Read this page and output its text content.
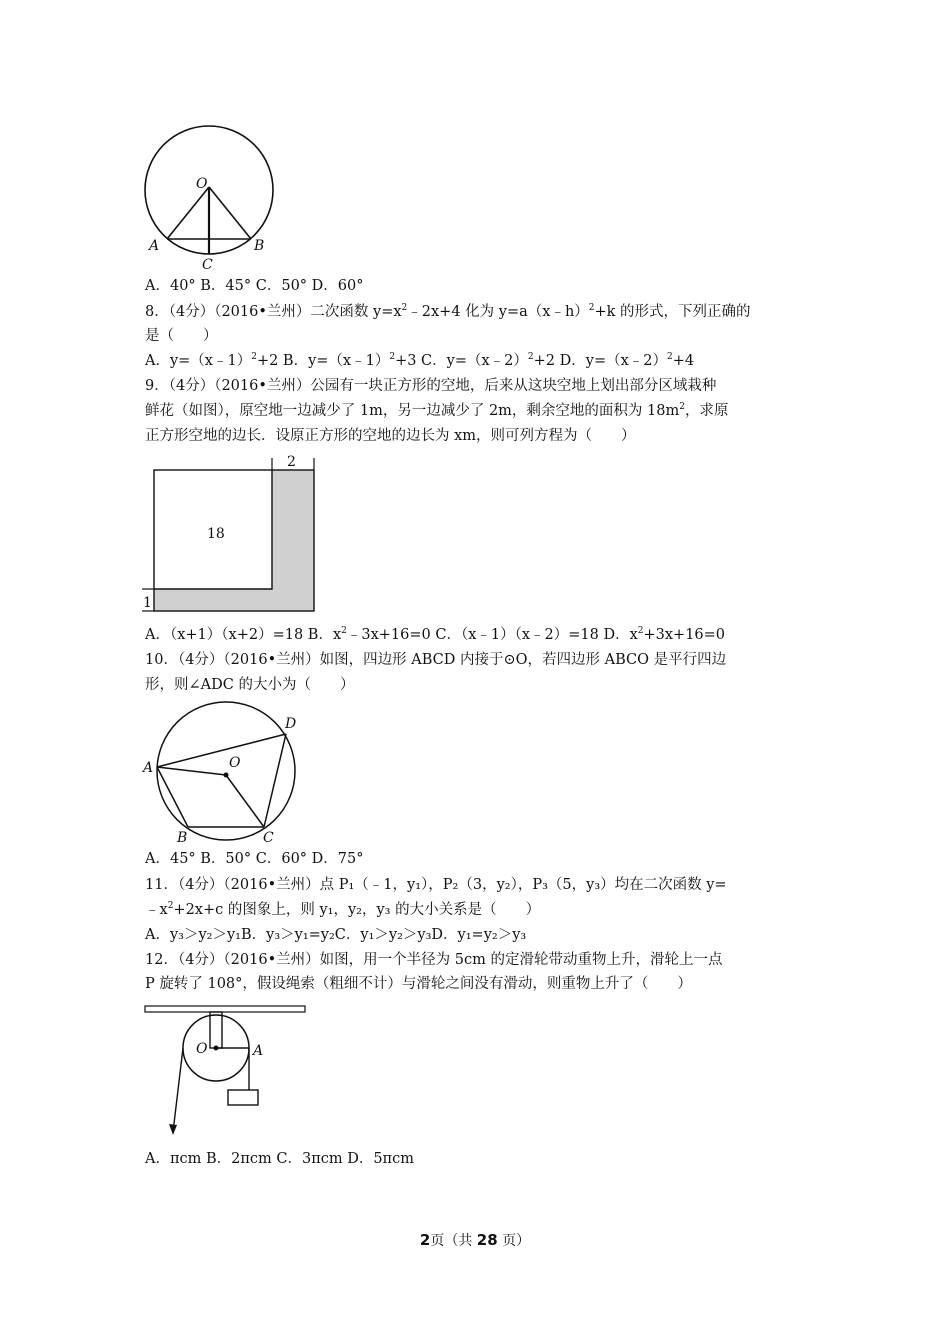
O
A	B
C
A．40° B．45° C．50° D．60°
8．（4分）（2016•兰州）二次函数 $y=x^2﹣2x+4$ 化为 y=a（x﹣h）$^2$+k 的形式，下列正确的
是（　　）
A．y=（x﹣1）$^2$+2 B．y=（x﹣1）$^2$+3 C．y=（x﹣2）$^2$+2 D．y=（x﹣2）$^2$+4
9．（4分）（2016•兰州）公园有一块正方形的空地，后来从这块空地上划出部分区域栽种
鲜花（如图），原空地一边减少了 1m，另一边减少了 2m，剩余空地的面积为 $18m^2$，求原
正方形空地的边长．设原正方形的空地的边长为 xm，则可列方程为（　　）
18
2
1
A．（x+1）（x+2）=18 B．$x^2﹣3x+16=0$ C．（x﹣1）（x﹣2）=18 D．$x^2+3x+16=0$
10．（4分）（2016•兰州）如图，四边形 ABCD 内接于⊙O，若四边形 ABCO 是平行四边
形，则∠ADC 的大小为（　　）
A
B	C
D
O
A．45° B．50° C．60° D．75°
11．（4分）（2016•兰州）点 P₁（﹣1，y₁），P₂（3，y₂），P₃（5，y₃）均在二次函数 y=
$﹣x^2+2x+c$ 的图象上，则 y₁，y₂，y₃ 的大小关系是（　　）
A．y₃＞y₂＞y₁B．y₃＞y₁=y₂C．y₁＞y₂＞y₃D．y₁=y₂＞y₃
12．（4分）（2016•兰州）如图，用一个半径为 5cm 的定滑轮带动重物上升，滑轮上一点
P 旋转了 108°，假设绳索（粗细不计）与滑轮之间没有滑动，则重物上升了（　　）
O	A
A．πcm B．2πcm C．3πcm D．5πcm
2页（共 28 页）
